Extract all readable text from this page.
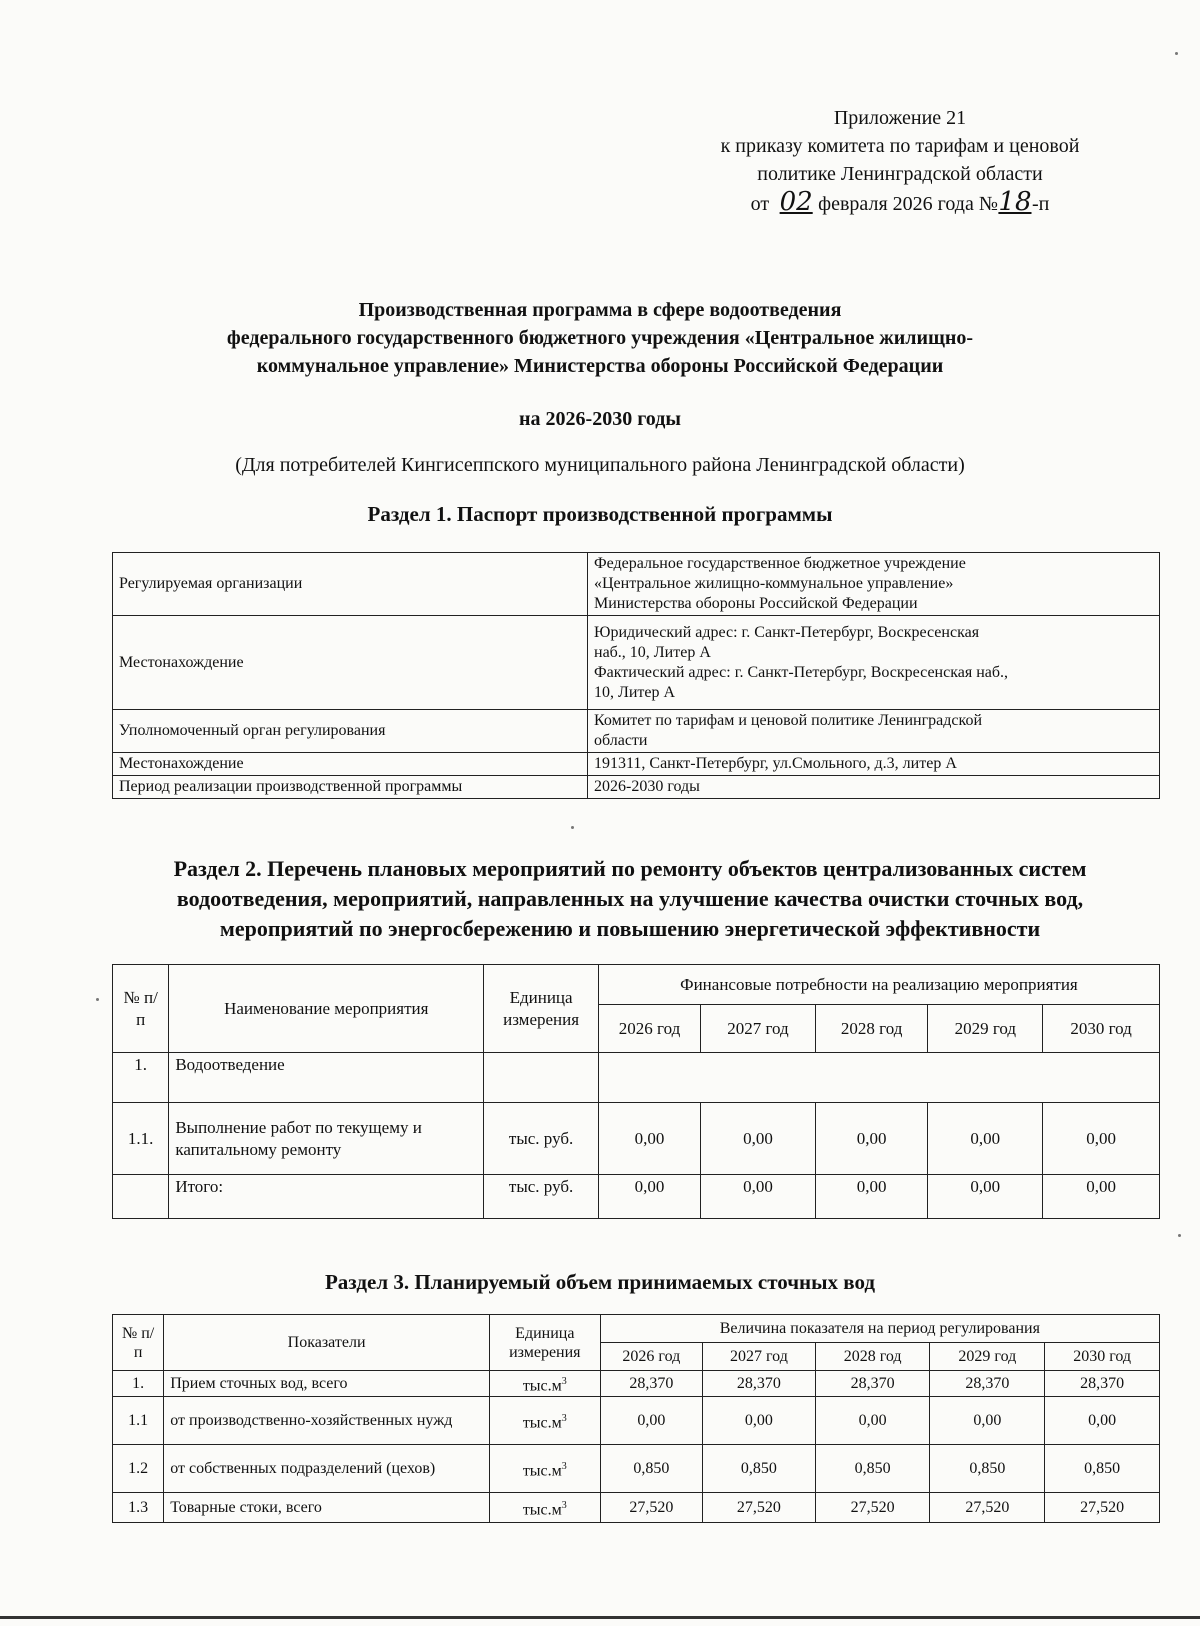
Приложение 21
к приказу комитета по тарифам и ценовой
политике Ленинградской области
от 02 февраля 2026 года №18-п
Производственная программа в сфере водоотведения
федерального государственного бюджетного учреждения «Центральное жилищно-
коммунальное управление» Министерства обороны Российской Федерации
на 2026-2030 годы
(Для потребителей Кингисеппского муниципального района Ленинградской области)
Раздел 1. Паспорт производственной программы
Регулируемая организации	Федеральное государственное бюджетное учреждение
«Центральное жилищно-коммунальное управление»
Министерства обороны Российской Федерации

Местонахождение	Юридический адрес: г. Санкт-Петербург, Воскресенская
наб., 10, Литер А
Фактический адрес: г. Санкт-Петербург, Воскресенская наб.,
10, Литер А

Уполномоченный орган регулирования	Комитет по тарифам и ценовой политике Ленинградской
области

Местонахождение	191311, Санкт-Петербург, ул.Смольного, д.3, литер А

Период реализации производственной программы	2026-2030 годы
Раздел 2. Перечень плановых мероприятий по ремонту объектов централизованных систем
водоотведения, мероприятий, направленных на улучшение качества очистки сточных вод,
мероприятий по энергосбережению и повышению энергетической эффективности
№ п/п	Наименование мероприятия	Единица измерения	Финансовые потребности на реализацию мероприятия				
			2026 год	2027 год	2028 год	2029 год	2030 год
1.	Водоотведение						
1.1.	Выполнение работ по текущему и капитальному ремонту	тыс. руб.	0,00	0,00	0,00	0,00	0,00
	Итого:	тыс. руб.	0,00	0,00	0,00	0,00	0,00
Раздел 3. Планируемый объем принимаемых сточных вод
№ п/п	Показатели	Единица измерения	Величина показателя на период регулирования				
			2026 год	2027 год	2028 год	2029 год	2030 год
1.	Прием сточных вод, всего	$тыс.м^3$	28,370	28,370	28,370	28,370	28,370
1.1	от производственно-хозяйственных нужд	$тыс.м^3$	0,00	0,00	0,00	0,00	0,00
1.2	от собственных подразделений (цехов)	$тыс.м^3$	0,850	0,850	0,850	0,850	0,850
1.3	Товарные стоки, всего	$тыс.м^3$	27,520	27,520	27,520	27,520	27,520
